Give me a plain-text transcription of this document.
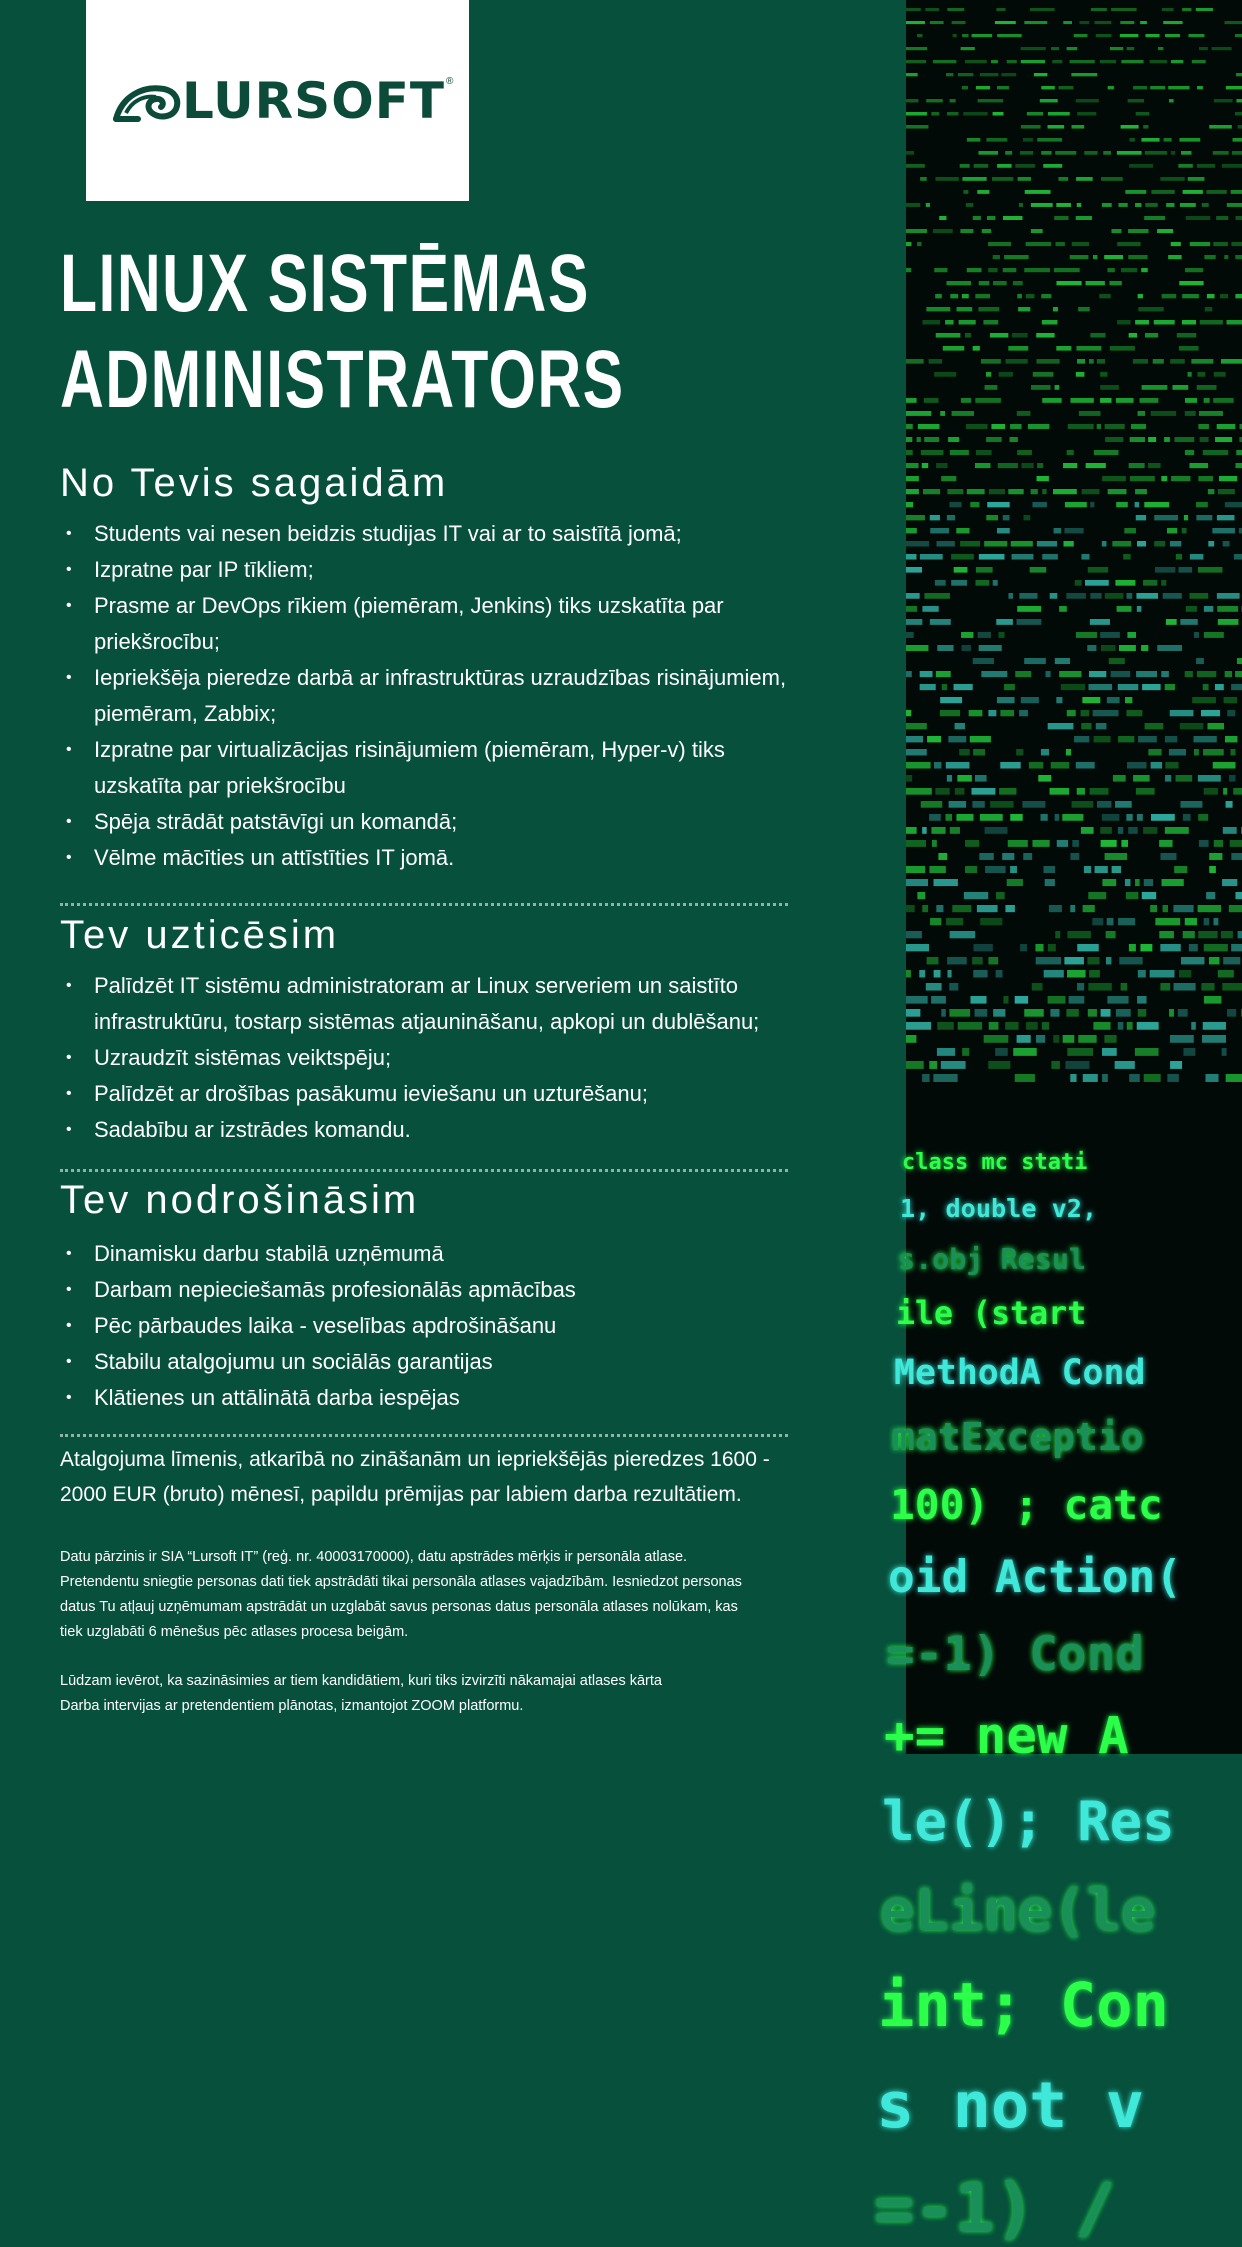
LURSOFT ®
LINUX SISTĒMAS
ADMINISTRATORS
No Tevis sagaidām
• Students vai nesen beidzis studijas IT vai ar to saistītā jomā;
• Izpratne par IP tīkliem;
• Prasme ar DevOps rīkiem (piemēram, Jenkins) tiks uzskatīta par priekšrocību;
• Iepriekšēja pieredze darbā ar infrastruktūras uzraudzības risinājumiem, piemēram, Zabbix;
• Izpratne par virtualizācijas risinājumiem (piemēram, Hyper-v) tiks uzskatīta par priekšrocību
• Spēja strādāt patstāvīgi un komandā;
• Vēlme mācīties un attīstīties IT jomā.
Tev uzticēsim
• Palīdzēt IT sistēmu administratoram ar Linux serveriem un saistīto infrastruktūru, tostarp sistēmas atjaunināšanu, apkopi un dublēšanu;
• Uzraudzīt sistēmas veiktspēju;
• Palīdzēt ar drošības pasākumu ieviešanu un uzturēšanu;
• Sadabību ar izstrādes komandu.
Tev nodrošināsim
• Dinamisku darbu stabilā uzņēmumā
• Darbam nepieciešamās profesionālās apmācības
• Pēc pārbaudes laika - veselības apdrošināšanu
• Stabilu atalgojumu un sociālās garantijas
• Klātienes un attālinātā darba iespējas
Atalgojuma līmenis, atkarībā no zināšanām un iepriekšējās pieredzes 1600 -
2000 EUR (bruto) mēnesī, papildu prēmijas par labiem darba rezultātiem.
Datu pārzinis ir SIA “Lursoft IT” (reģ. nr. 40003170000), datu apstrādes mērķis ir personāla atlase.
Pretendentu sniegtie personas dati tiek apstrādāti tikai personāla atlases vajadzībām. Iesniedzot personas
datus Tu atļauj uzņēmumam apstrādāt un uzglabāt savus personas datus personāla atlases nolūkam, kas
tiek uzglabāti 6 mēnešus pēc atlases procesa beigām.
Lūdzam ievērot, ka sazināsimies ar tiem kandidātiem, kuri tiks izvirzīti nākamajai atlases kārta
Darba intervijas ar pretendentiem plānotas, izmantojot ZOOM platformu.
class mc stati
1, double v2,
s.obj Resul
ile (start
MethodA Cond
matExceptio
100) ; catc
oid Action(
=-1) Cond
+= new A
le(); Res
eLine(le
int; Con
s not v
=-1) /
